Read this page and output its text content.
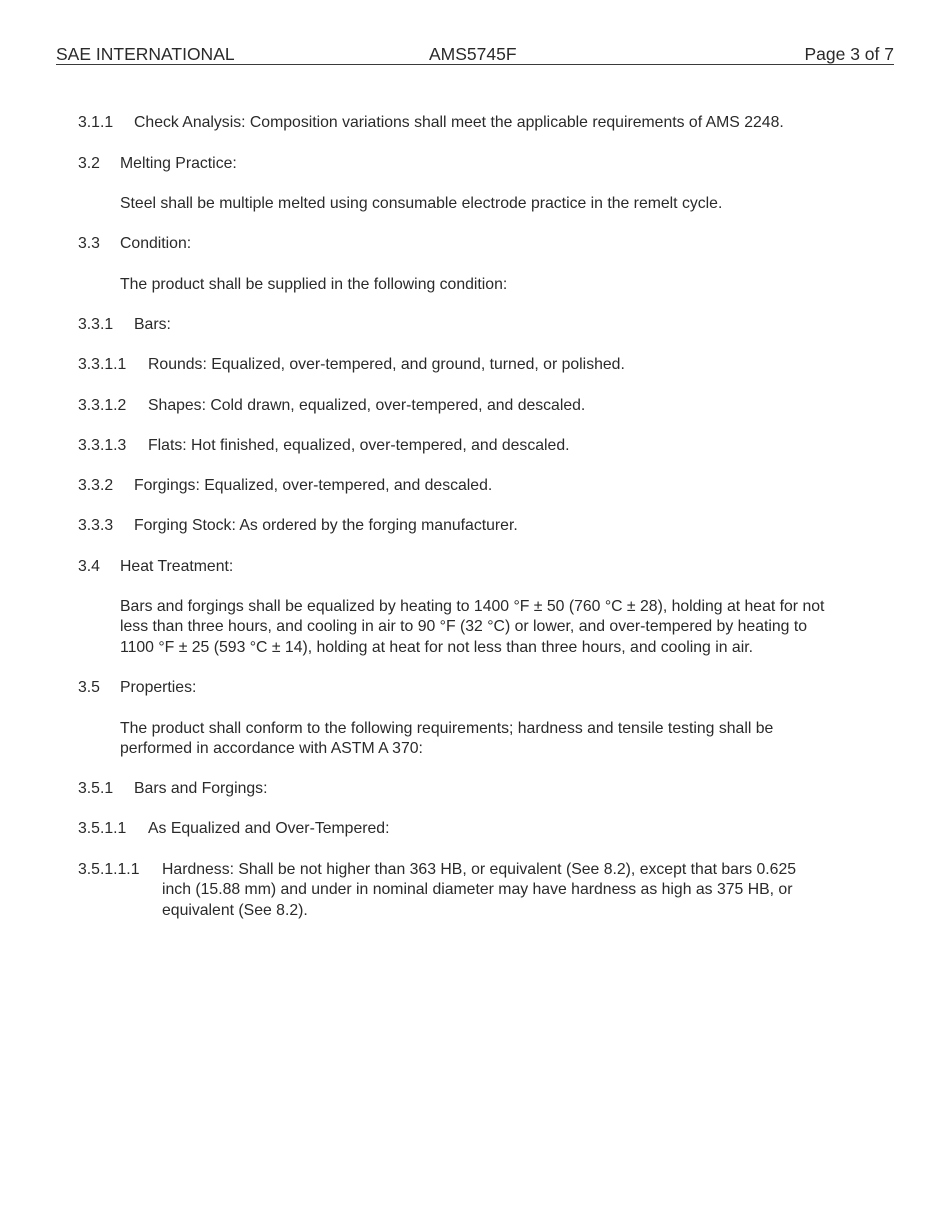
SAE INTERNATIONAL	AMS5745F	Page 3 of 7
3.1.1 Check Analysis: Composition variations shall meet the applicable requirements of AMS 2248.
3.2 Melting Practice:
Steel shall be multiple melted using consumable electrode practice in the remelt cycle.
3.3 Condition:
The product shall be supplied in the following condition:
3.3.1 Bars:
3.3.1.1 Rounds: Equalized, over-tempered, and ground, turned, or polished.
3.3.1.2 Shapes: Cold drawn, equalized, over-tempered, and descaled.
3.3.1.3 Flats: Hot finished, equalized, over-tempered, and descaled.
3.3.2 Forgings: Equalized, over-tempered, and descaled.
3.3.3 Forging Stock: As ordered by the forging manufacturer.
3.4 Heat Treatment:
Bars and forgings shall be equalized by heating to 1400 °F ± 50 (760 °C ± 28), holding at heat for not
less than three hours, and cooling in air to 90 °F (32 °C) or lower, and over-tempered by heating to
1100 °F ± 25 (593 °C ± 14), holding at heat for not less than three hours, and cooling in air.
3.5 Properties:
The product shall conform to the following requirements; hardness and tensile testing shall be
performed in accordance with ASTM A 370:
3.5.1 Bars and Forgings:
3.5.1.1 As Equalized and Over-Tempered:
3.5.1.1.1 Hardness: Shall be not higher than 363 HB, or equivalent (See 8.2), except that bars 0.625
inch (15.88 mm) and under in nominal diameter may have hardness as high as 375 HB, or
equivalent (See 8.2).
